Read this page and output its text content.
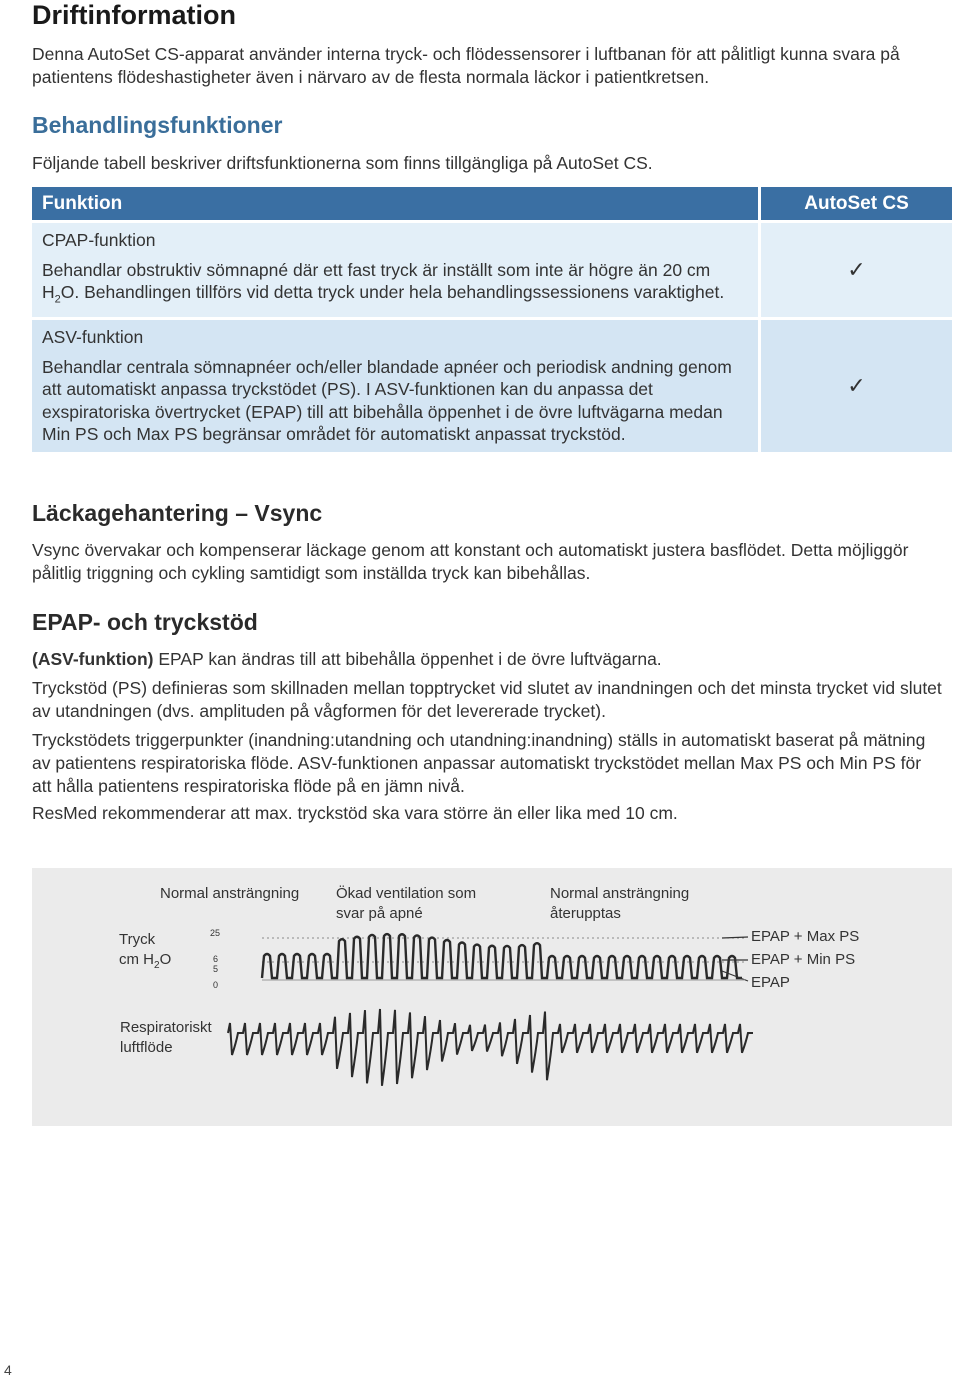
Driftinformation

Denna AutoSet CS-apparat använder interna tryck- och flödessensorer i luftbanan för att pålitligt kunna svara på patientens flödeshastigheter även i närvaro av de flesta normala läckor i patientkretsen.

Behandlingsfunktioner

Följande tabell beskriver driftsfunktionerna som finns tillgängliga på AutoSet CS.

Funktion	AutoSet CS

CPAP-funktion
Behandlar obstruktiv sömnapné där ett fast tryck är inställt som inte är högre än 20 cm $H_2O$. Behandlingen tillförs vid detta tryck under hela behandlingssessionens varaktighet.	✓

ASV-funktion
Behandlar centrala sömnapnéer och/eller blandade apnéer och periodisk andning genom att automatiskt anpassa tryckstödet (PS). I ASV-funktionen kan du anpassa det exspiratoriska övertrycket (EPAP) till att bibehålla öppenhet i de övre luftvägarna medan Min PS och Max PS begränsar området för automatiskt anpassat tryckstöd.	✓
Läckagehantering – Vsync

Vsync övervakar och kompenserar läckage genom att konstant och automatiskt justera basflödet. Detta möjliggör pålitlig triggning och cykling samtidigt som inställda tryck kan bibehållas.

EPAP- och tryckstöd

(ASV-funktion) EPAP kan ändras till att bibehålla öppenhet i de övre luftvägarna.

Tryckstöd (PS) definieras som skillnaden mellan topptrycket vid slutet av inandningen och det minsta trycket vid slutet av utandningen (dvs. amplituden på vågformen för det levererade trycket).

Tryckstödets triggerpunkter (inandning:utandning och utandning:inandning) ställs in automatiskt baserat på mätning av patientens respiratoriska flöde. ASV-funktionen anpassar automatiskt tryckstödet mellan Max PS och Min PS för att hålla patientens respiratoriska flöde på en jämn nivå.

ResMed rekommenderar att max. tryckstöd ska vara större än eller lika med 10 cm.

Normal ansträngning Ökad ventilation som
svar på apné
Normal ansträngning
återupptas
Tryck
cm $H_2O$
25
6
5
0
Respiratoriskt
luftflöde
EPAP + Max PS
EPAP + Min PS
EPAP
4
